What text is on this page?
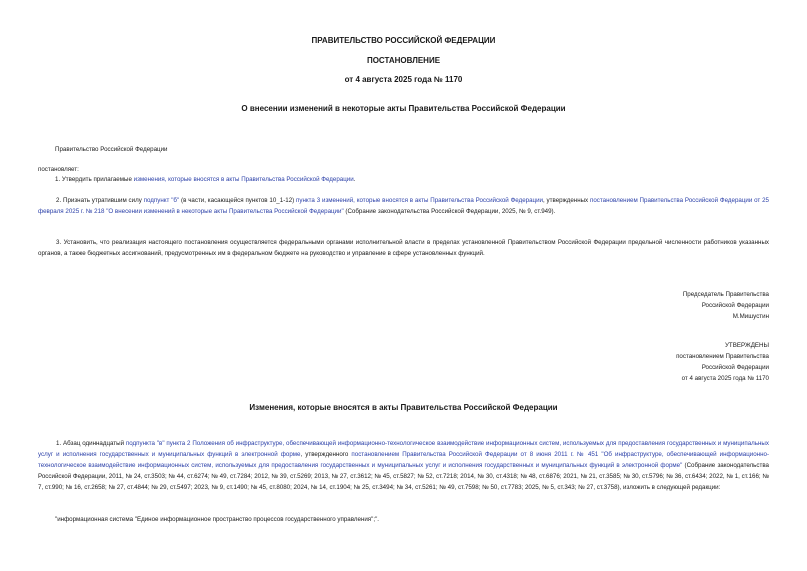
ПРАВИТЕЛЬСТВО РОССИЙСКОЙ ФЕДЕРАЦИИ
ПОСТАНОВЛЕНИЕ
от 4 августа 2025 года № 1170
О внесении изменений в некоторые акты Правительства Российской Федерации
Правительство Российской Федерации
постановляет:
1. Утвердить прилагаемые изменения, которые вносятся в акты Правительства Российской Федерации.
2. Признать утратившим силу подпункт "б" (в части, касающейся пунктов 10_1-12) пункта 3 изменений, которые вносятся в акты Правительства Российской Федерации, утвержденных постановлением Правительства Российской Федерации от 25 февраля 2025 г. № 218 "О внесении изменений в некоторые акты Правительства Российской Федерации" (Собрание законодательства Российской Федерации, 2025, № 9, ст.949).
3. Установить, что реализация настоящего постановления осуществляется федеральными органами исполнительной власти в пределах установленной Правительством Российской Федерации предельной численности работников указанных органов, а также бюджетных ассигнований, предусмотренных им в федеральном бюджете на руководство и управление в сфере установленных функций.
Председатель Правительства
Российской Федерации
М.Мишустин
УТВЕРЖДЕНЫ
постановлением Правительства
Российской Федерации
от 4 августа 2025 года № 1170
Изменения, которые вносятся в акты Правительства Российской Федерации
1. Абзац одиннадцатый подпункта "в" пункта 2 Положения об инфраструктуре, обеспечивающей информационно-технологическое взаимодействие информационных систем, используемых для предоставления государственных и муниципальных услуг и исполнения государственных и муниципальных функций в электронной форме, утвержденного постановлением Правительства Российской Федерации от 8 июня 2011 г. № 451 "Об инфраструктуре, обеспечивающей информационно-технологическое взаимодействие информационных систем, используемых для предоставления государственных и муниципальных услуг и исполнения государственных и муниципальных функций в электронной форме" (Собрание законодательства Российской Федерации, 2011, № 24, ст.3503; № 44, ст.6274; № 49, ст.7284; 2012, № 39, ст.5269; 2013, № 27, ст.3612; № 45, ст.5827; № 52, ст.7218; 2014, № 30, ст.4318; № 48, ст.6876; 2021, № 21, ст.3585; № 30, ст.5796; № 36, ст.6434; 2022, № 1, ст.166; № 7, ст.990; № 16, ст.2658; № 27, ст.4844; № 29, ст.5497; 2023, № 9, ст.1490; № 45, ст.8080; 2024, № 14, ст.1904; № 25, ст.3494; № 34, ст.5261; № 49, ст.7598; № 50, ст.7783; 2025, № 5, ст.343; № 27, ст.3758), изложить в следующей редакции:
"информационная система "Единое информационное пространство процессов государственного управления";".
